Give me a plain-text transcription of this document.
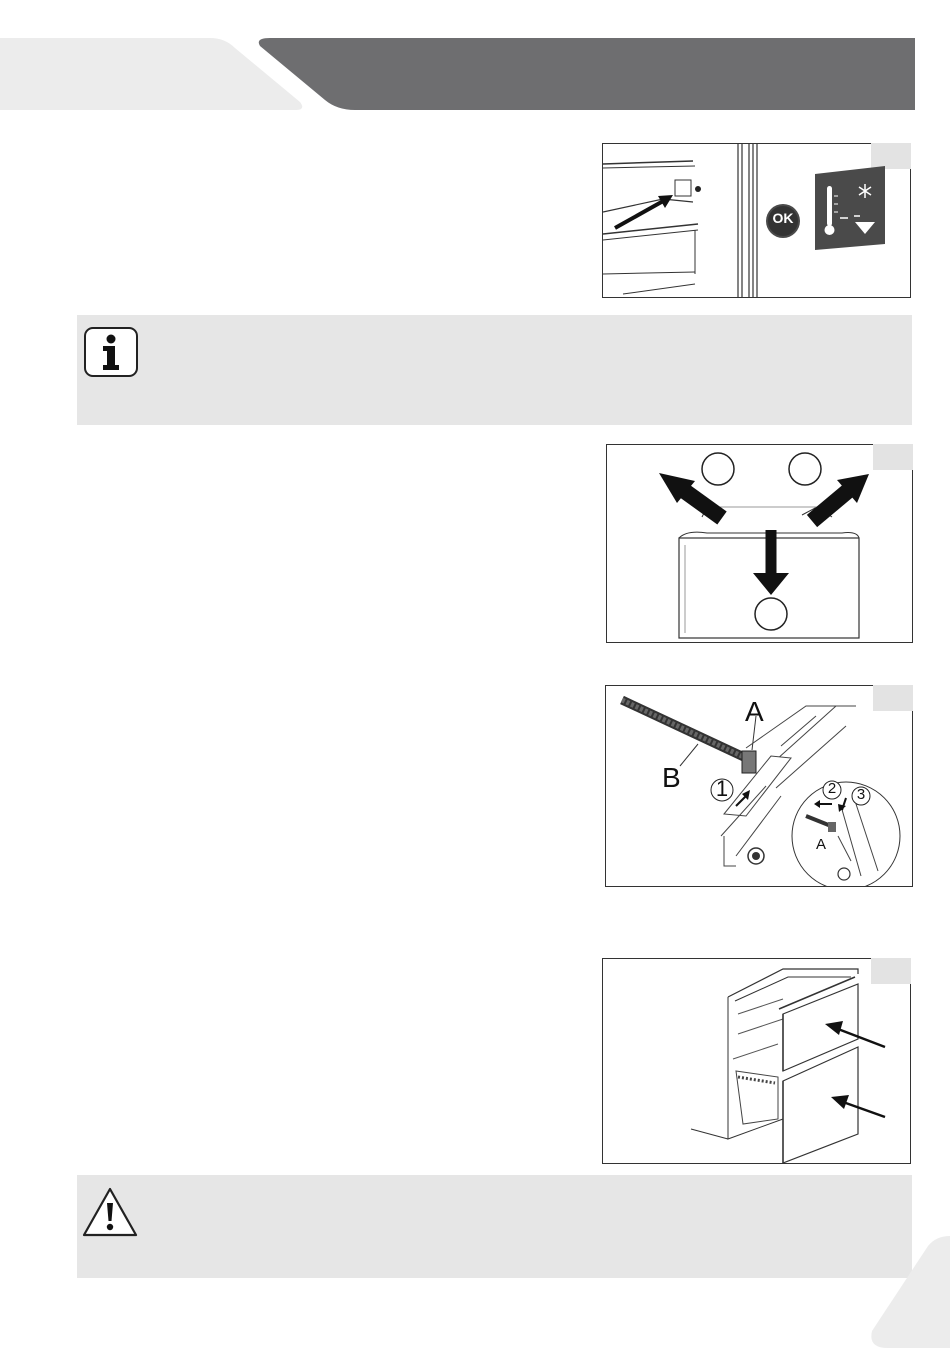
OK
A
B 1	2 3
A
